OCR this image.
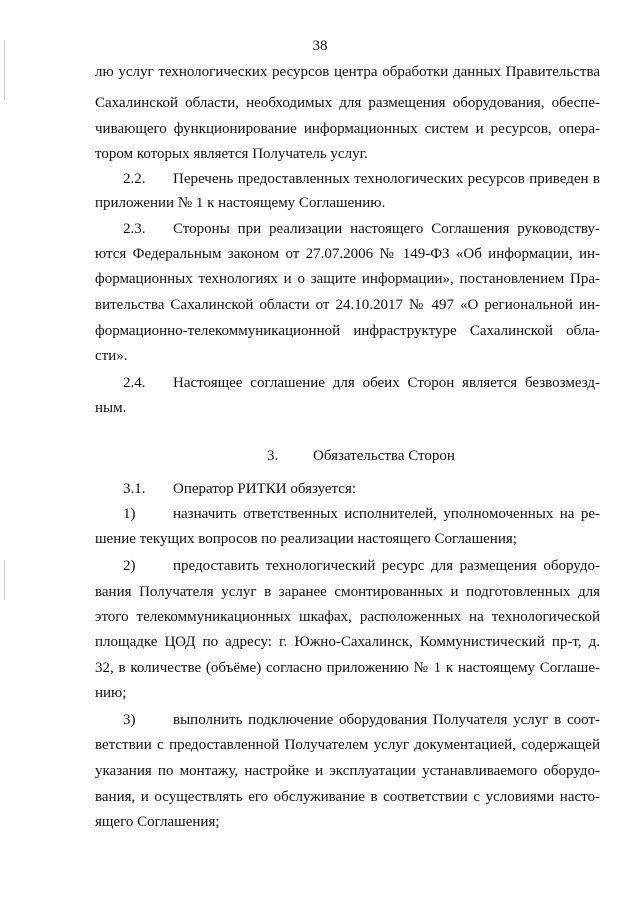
38
лю услуг технологических ресурсов центра обработки данных Правительства
Сахалинской области, необходимых для размещения оборудования, обеспе-
чивающего функционирование информационных систем и ресурсов, опера-
тором которых является Получатель услуг.
2.2. Перечень предоставленных технологических ресурсов приведен в
приложении № 1 к настоящему Соглашению.
2.3. Стороны при реализации настоящего Соглашения руководству-
ются Федеральным законом от 27.07.2006 № 149-ФЗ «Об информации, ин-
формационных технологиях и о защите информации», постановлением Пра-
вительства Сахалинской области от 24.10.2017 № 497 «О региональной ин-
формационно-телекоммуникационной инфраструктуре Сахалинской обла-
сти».
2.4. Настоящее соглашение для обеих Сторон является безвозмезд-
ным.
3. Обязательства Сторон
3.1. Оператор РИТКИ обязуется:
1)	назначить ответственных исполнителей, уполномоченных на ре-
шение текущих вопросов по реализации настоящего Соглашения;
2)	предоставить технологический ресурс для размещения оборудо-
вания Получателя услуг в заранее смонтированных и подготовленных для
этого телекоммуникационных шкафах, расположенных на технологической
площадке ЦОД по адресу: г. Южно-Сахалинск, Коммунистический пр-т, д.
32, в количестве (объёме) согласно приложению № 1 к настоящему Соглаше-
нию;
3)	выполнить подключение оборудования Получателя услуг в соот-
ветствии с предоставленной Получателем услуг документацией, содержащей
указания по монтажу, настройке и эксплуатации устанавливаемого оборудо-
вания, и осуществлять его обслуживание в соответствии с условиями насто-
ящего Соглашения;
